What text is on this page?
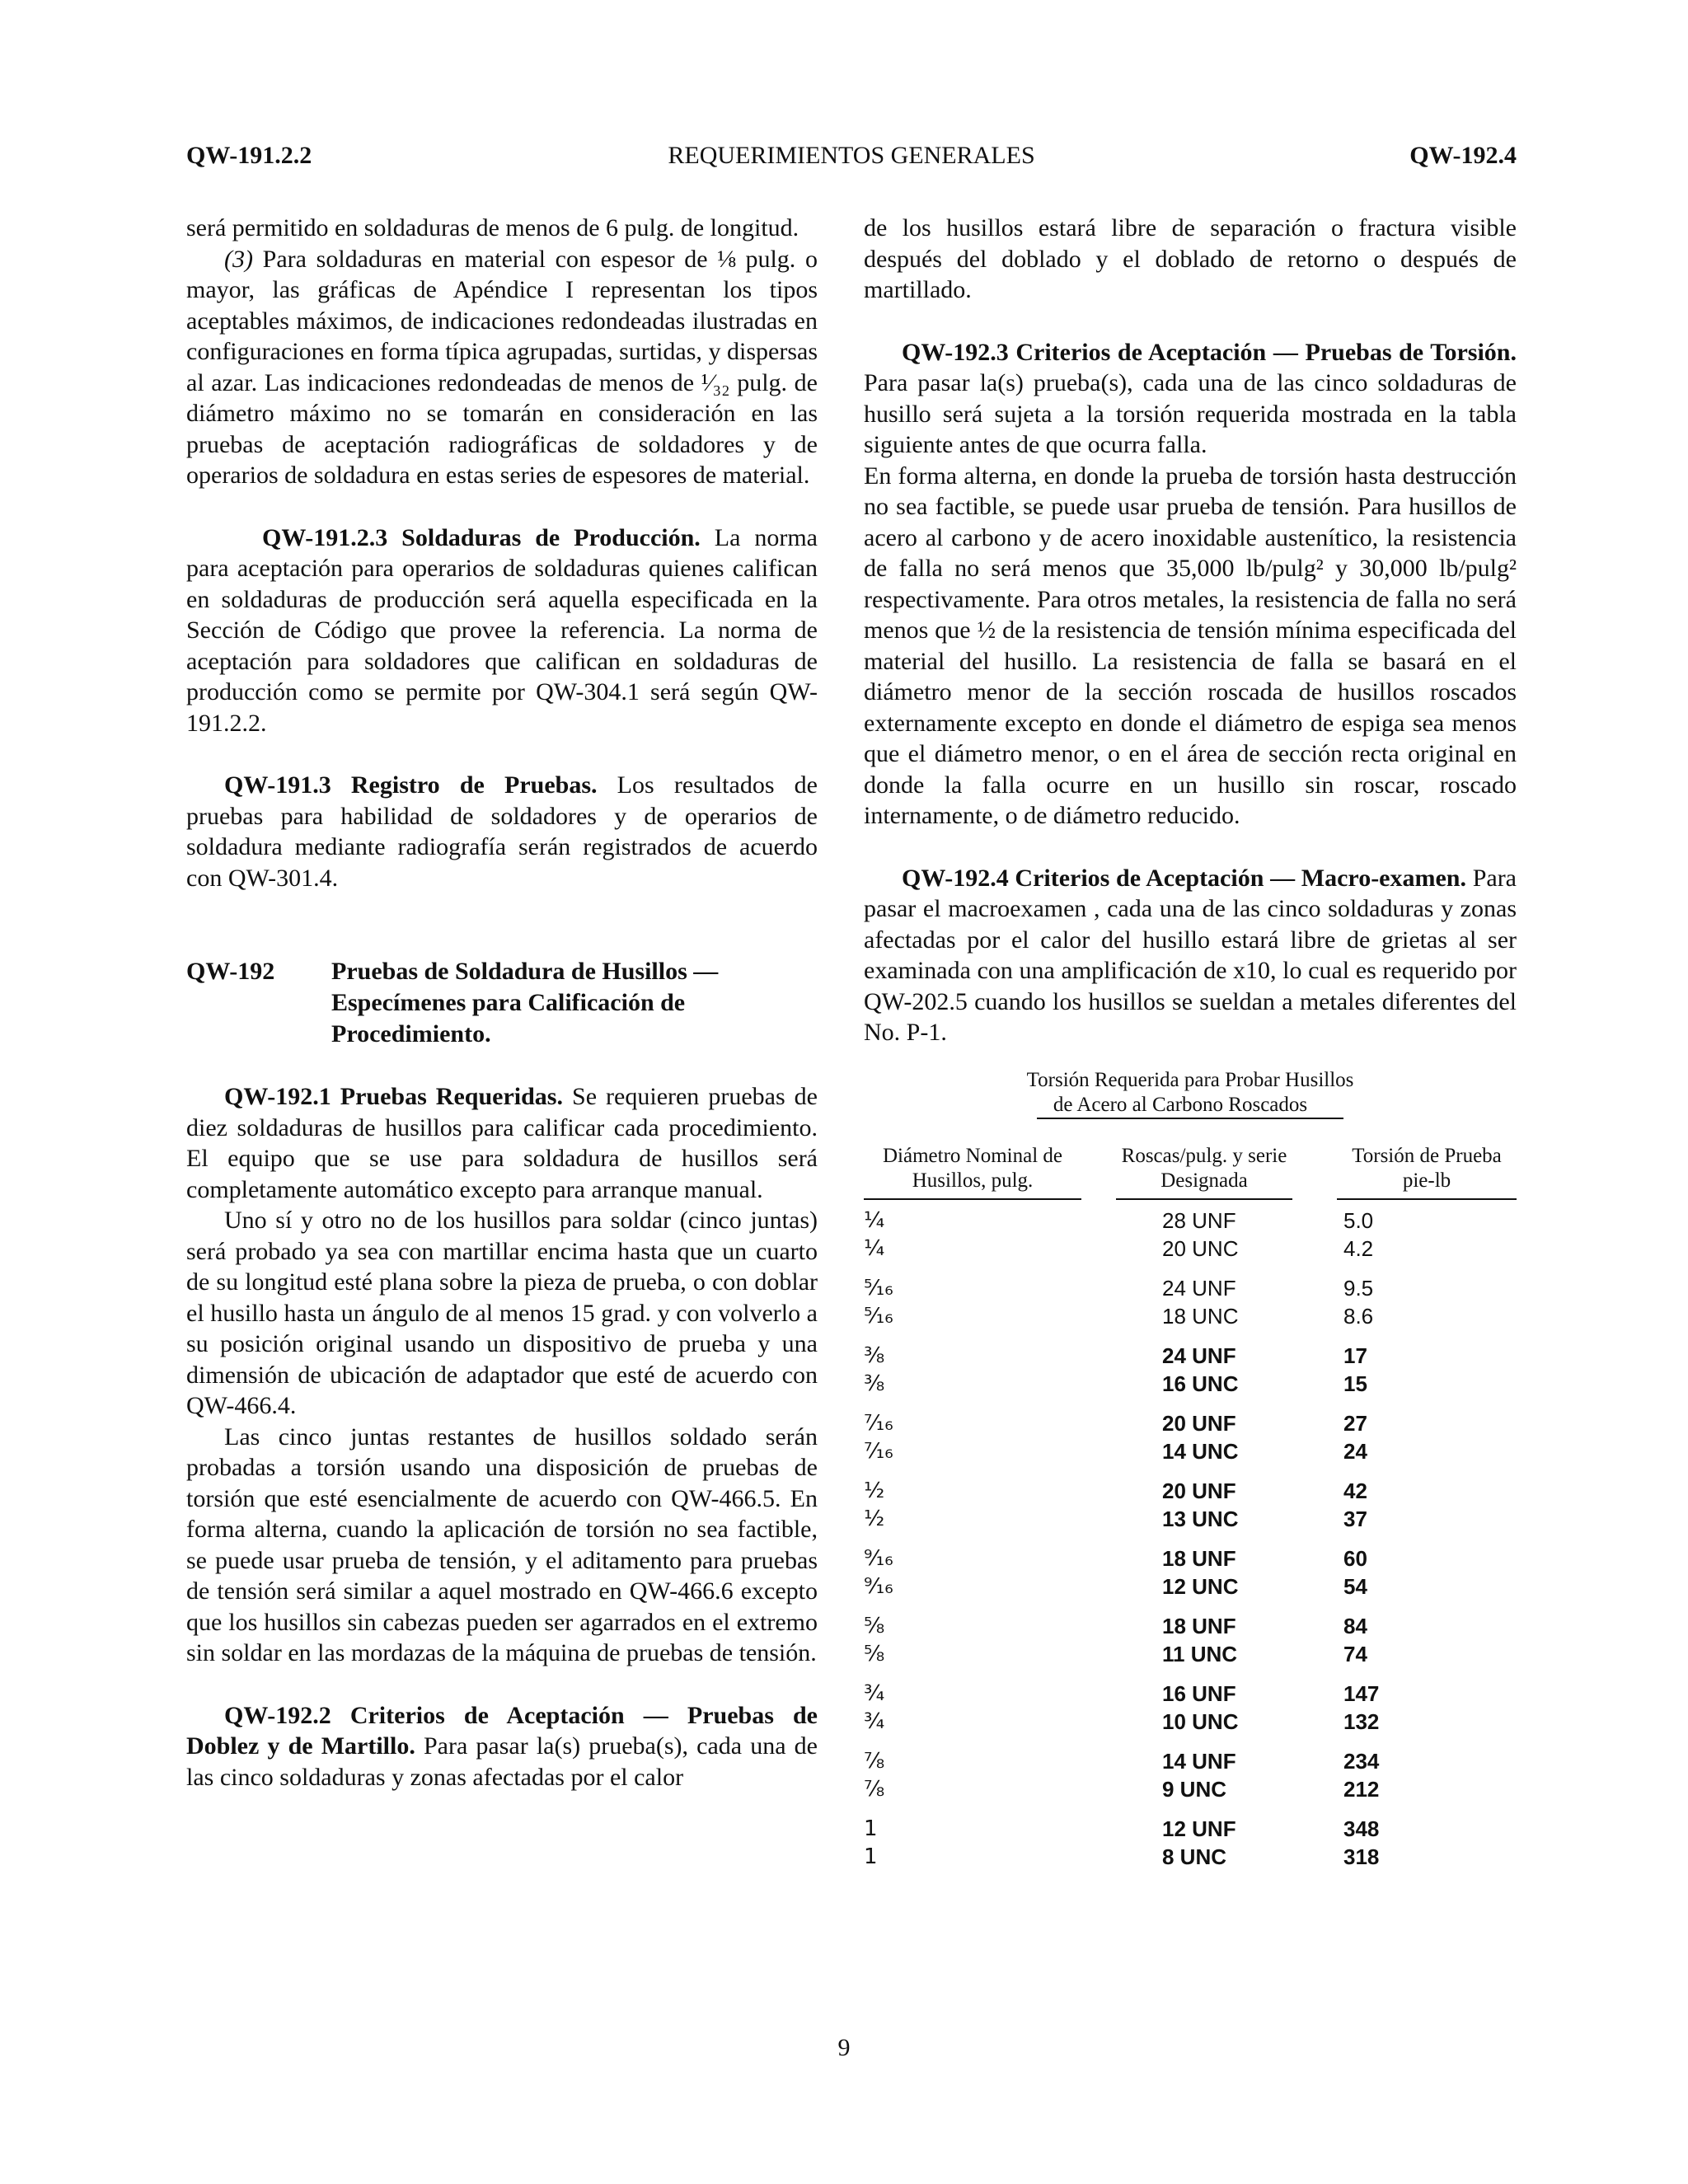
QW-191.2.2	REQUERIMIENTOS GENERALES	QW-192.4

será permitido en soldaduras de menos de 6 pulg. de longitud.

(3) Para soldaduras en material con espesor de ⅛ pulg. o mayor, las gráficas de Apéndice I representan los tipos aceptables máximos, de indicaciones redondeadas ilustradas en configuraciones en forma típica agrupadas, surtidas, y dispersas al azar. Las indicaciones redondeadas de menos de ¹⁄₃₂ pulg. de diámetro máximo no se tomarán en consideración en las pruebas de aceptación radiográficas de soldadores y de operarios de soldadura en estas series de espesores de material.

QW-191.2.3 Soldaduras de Producción. La norma para aceptación para operarios de soldaduras quienes califican en soldaduras de producción será aquella especificada en la Sección de Código que provee la referencia. La norma de aceptación para soldadores que califican en soldaduras de producción como se permite por QW-304.1 será según QW-191.2.2.

QW-191.3 Registro de Pruebas. Los resultados de pruebas para habilidad de soldadores y de operarios de soldadura mediante radiografía serán registrados de acuerdo con QW-301.4.

QW-192	Pruebas de Soldadura de Husillos — Especímenes para Calificación de Procedimiento.

QW-192.1 Pruebas Requeridas. Se requieren pruebas de diez soldaduras de husillos para calificar cada procedimiento. El equipo que se use para soldadura de husillos será completamente automático excepto para arranque manual.

Uno sí y otro no de los husillos para soldar (cinco juntas) será probado ya sea con martillar encima hasta que un cuarto de su longitud esté plana sobre la pieza de prueba, o con doblar el husillo hasta un ángulo de al menos 15 grad. y con volverlo a su posición original usando un dispositivo de prueba y una dimensión de ubicación de adaptador que esté de acuerdo con QW-466.4.

Las cinco juntas restantes de husillos soldado serán probadas a torsión usando una disposición de pruebas de torsión que esté esencialmente de acuerdo con QW-466.5. En forma alterna, cuando la aplicación de torsión no sea factible, se puede usar prueba de tensión, y el aditamento para pruebas de tensión será similar a aquel mostrado en QW-466.6 excepto que los husillos sin cabezas pueden ser agarrados en el extremo sin soldar en las mordazas de la máquina de pruebas de tensión.

QW-192.2 Criterios de Aceptación — Pruebas de Doblez y de Martillo. Para pasar la(s) prueba(s), cada una de las cinco soldaduras y zonas afectadas por el calor

de los husillos estará libre de separación o fractura visible después del doblado y el doblado de retorno o después de martillado.

QW-192.3 Criterios de Aceptación — Pruebas de Torsión. Para pasar la(s) prueba(s), cada una de las cinco soldaduras de husillo será sujeta a la torsión requerida mostrada en la tabla siguiente antes de que ocurra falla.

En forma alterna, en donde la prueba de torsión hasta destrucción no sea factible, se puede usar prueba de tensión. Para husillos de acero al carbono y de acero inoxidable austenítico, la resistencia de falla no será menos que 35,000 lb/pulg² y 30,000 lb/pulg² respectivamente. Para otros metales, la resistencia de falla no será menos que ½ de la resistencia de tensión mínima especificada del material del husillo. La resistencia de falla se basará en el diámetro menor de la sección roscada de husillos roscados externamente excepto en donde el diámetro de espiga sea menos que el diámetro menor, o en el área de sección recta original en donde la falla ocurre en un husillo sin roscar, roscado internamente, o de diámetro reducido.

QW-192.4 Criterios de Aceptación — Macro-examen. Para pasar el macroexamen , cada una de las cinco soldaduras y zonas afectadas por el calor del husillo estará libre de grietas al ser examinada con una amplificación de x10, lo cual es requerido por QW-202.5 cuando los husillos se sueldan a metales diferentes del No. P-1.

Torsión Requerida para Probar Husillos
de Acero al Carbono Roscados
Diámetro Nominal de Husillos, pulg.
Roscas/pulg. y serie Designada
Torsión de Prueba pie-lb
¼	28 UNF	5.0
¼	20 UNC	4.2
⁵⁄₁₆	24 UNF	9.5
⁵⁄₁₆	18 UNC	8.6
⅜	24 UNF	17
⅜	16 UNC	15
⁷⁄₁₆	20 UNF	27
⁷⁄₁₆	14 UNC	24
½	20 UNF	42
½	13 UNC	37
⁹⁄₁₆	18 UNF	60
⁹⁄₁₆	12 UNC	54
⅝	18 UNF	84
⅝	11 UNC	74
¾	16 UNF	147
¾	10 UNC	132
⅞	14 UNF	234
⅞	9 UNC	212
1	12 UNF	348
1	8 UNC	318
9
